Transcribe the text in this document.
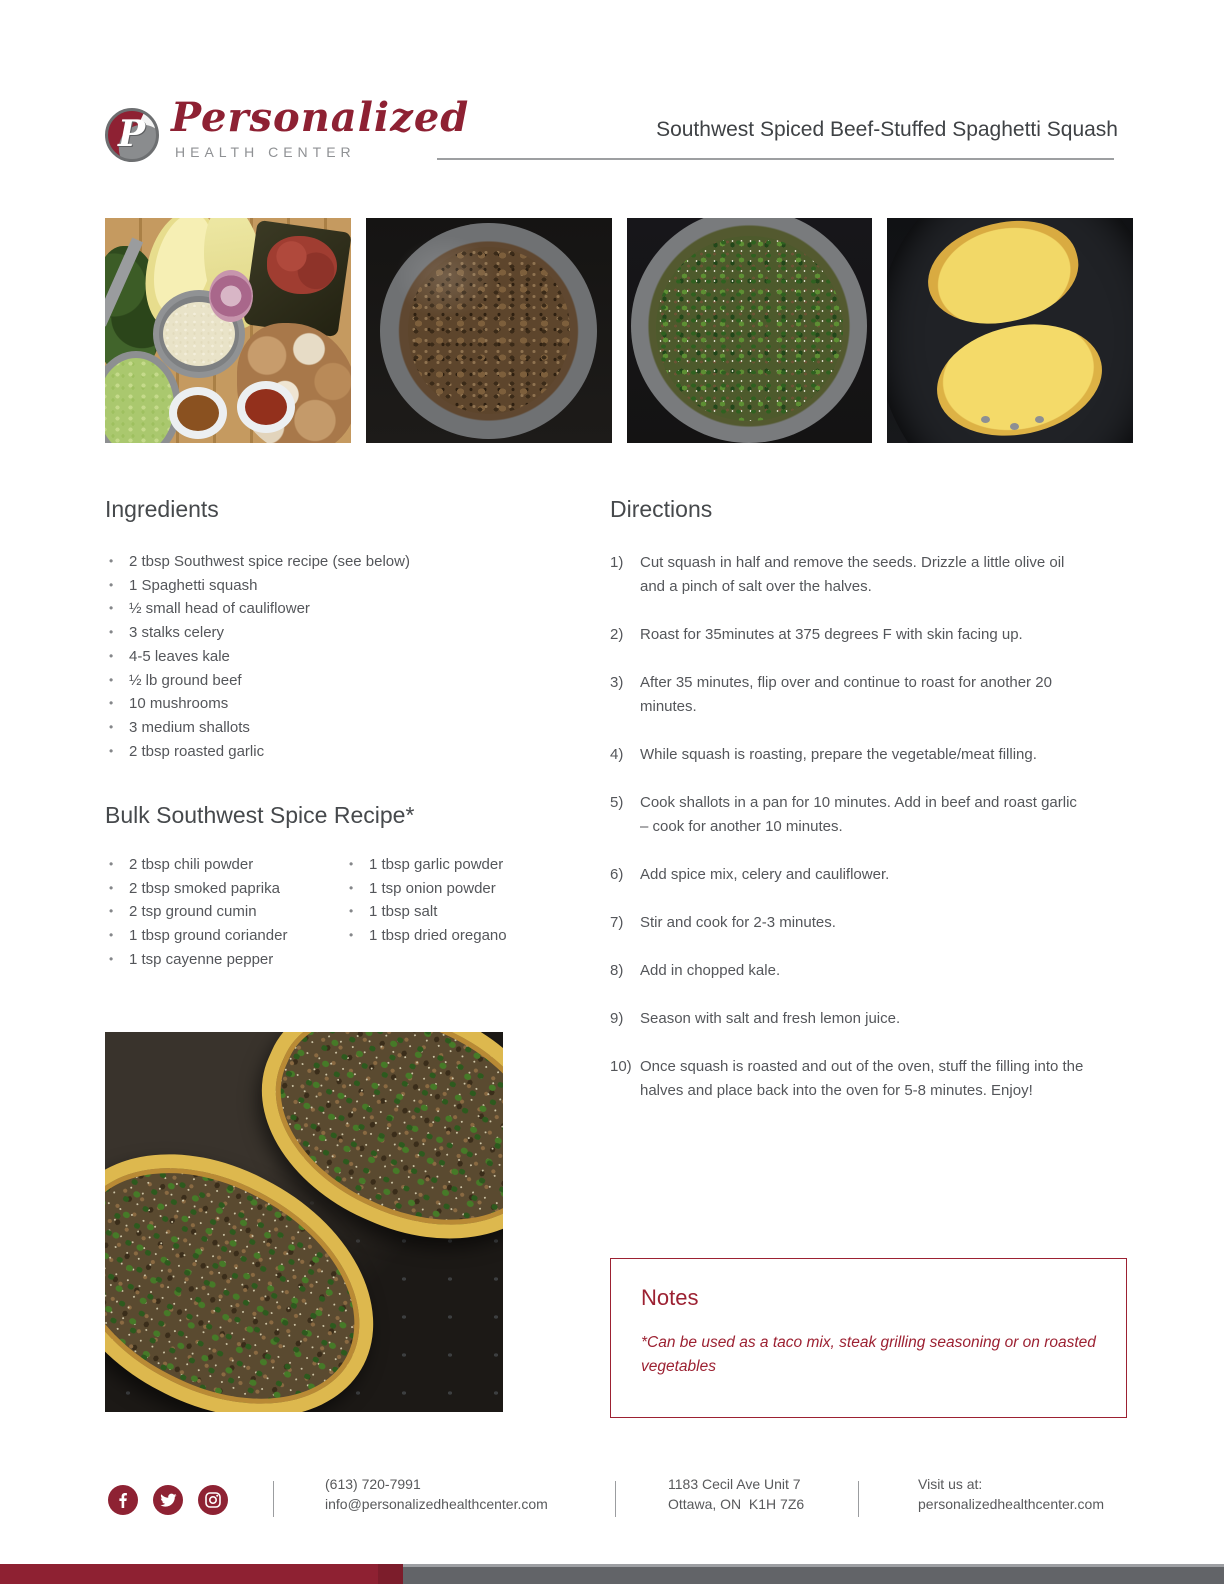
P Personalized
HEALTH CENTER
Southwest Spiced Beef-Stuffed Spaghetti Squash
Ingredients
• 2 tbsp Southwest spice recipe (see below)
• 1 Spaghetti squash
• ½ small head of cauliflower
• 3 stalks celery
• 4-5 leaves kale
• ½ lb ground beef
• 10 mushrooms
• 3 medium shallots
• 2 tbsp roasted garlic
Bulk Southwest Spice Recipe*
• 2 tbsp chili powder
• 2 tbsp smoked paprika
• 2 tsp ground cumin
• 1 tbsp ground coriander
• 1 tsp cayenne pepper
• 1 tbsp garlic powder
• 1 tsp onion powder
• 1 tbsp salt
• 1 tbsp dried oregano
Directions
1)	Cut squash in half and remove the seeds. Drizzle a little olive oil and a pinch of salt over the halves.
2)	Roast for 35minutes at 375 degrees F with skin facing up.
3)	After 35 minutes, flip over and continue to roast for another 20 minutes.
4)	While squash is roasting, prepare the vegetable/meat filling.
5)	Cook shallots in a pan for 10 minutes. Add in beef and roast garlic – cook for another 10 minutes.
6)	Add spice mix, celery and cauliflower.
7)	Stir and cook for 2-3 minutes.
8)	Add in chopped kale.
9)	Season with salt and fresh lemon juice.
10) Once squash is roasted and out of the oven, stuff the filling into the halves and place back into the oven for 5-8 minutes. Enjoy!
Notes

*Can be used as a taco mix, steak grilling seasoning or on roasted vegetables

(613) 720-7991
info@personalizedhealthcenter.com
1183 Cecil Ave Unit 7
Ottawa, ON  K1H 7Z6
Visit us at:
personalizedhealthcenter.com
